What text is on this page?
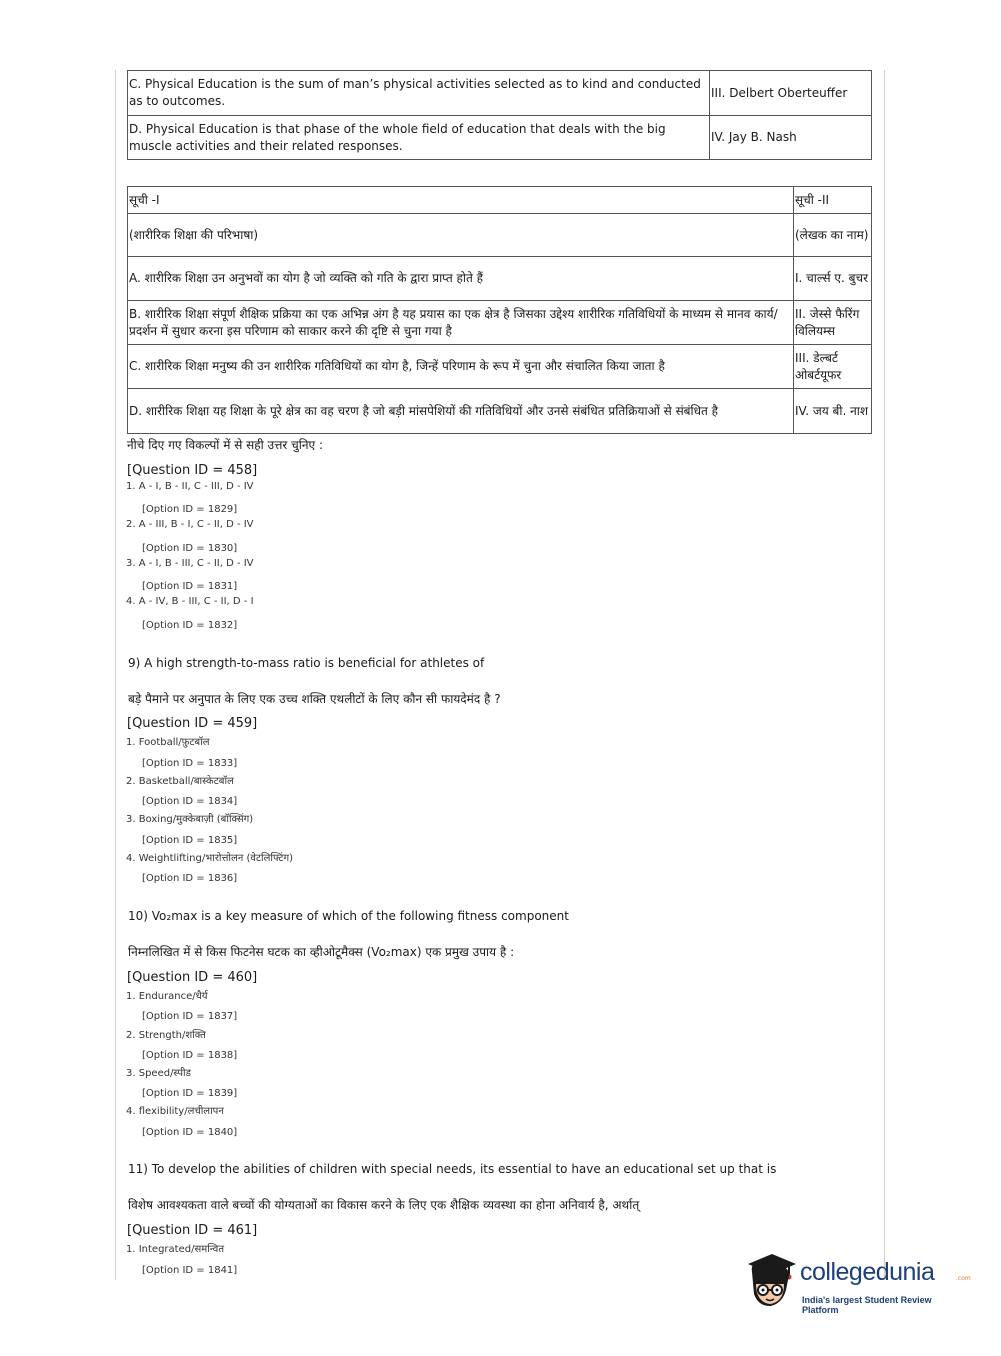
C. Physical Education is the sum of man’s physical activities selected as to kind and conducted as to outcomes.	III. Delbert Oberteuffer
D. Physical Education is that phase of the whole field of education that deals with the big muscle activities and their related responses.	IV. Jay B. Nash
सूची -I	सूची -II
(शारीरिक शिक्षा की परिभाषा)	(लेखक का नाम)
A. शारीरिक शिक्षा उन अनुभवों का योग है जो व्यक्ति को गति के द्वारा प्राप्त होते हैं	I. चार्ल्स ए. बुचर
B. शारीरिक शिक्षा संपूर्ण शैक्षिक प्रक्रिया का एक अभिन्न अंग है यह प्रयास का एक क्षेत्र है जिसका उद्देश्य शारीरिक गतिविधियों के माध्यम से मानव कार्य/प्रदर्शन में सुधार करना इस परिणाम को साकार करने की दृष्टि से चुना गया है	II. जेस्से फैरिंग विलियम्स
C. शारीरिक शिक्षा मनुष्य की उन शारीरिक गतिविधियों का योग है, जिन्हें परिणाम के रूप में चुना और संचालित किया जाता है	III. डेल्बर्ट ओबर्टयूफर
D. शारीरिक शिक्षा यह शिक्षा के पूरे क्षेत्र का वह चरण है जो बड़ी मांसपेशियों की गतिविधियों और उनसे संबंधित प्रतिक्रियाओं से संबंधित है	IV. जय बी. नाश
नीचे दिए गए विकल्पों में से सही उत्तर चुनिए :
[Question ID = 458]
1. A - I, B - II, C - III, D - IV
[Option ID = 1829]
2. A - III, B - I, C - II, D - IV
[Option ID = 1830]
3. A - I, B - III, C - II, D - IV
[Option ID = 1831]
4. A - IV, B - III, C - II, D - I
[Option ID = 1832]
9) A high strength-to-mass ratio is beneficial for athletes of
बड़े पैमाने पर अनुपात के लिए एक उच्च शक्ति एथलीटों के लिए कौन सी फायदेमंद है ?
[Question ID = 459]
1. Football/फ़ुटबॉल
[Option ID = 1833]
2. Basketball/बास्केटबॉल
[Option ID = 1834]
3. Boxing/मुक्केबाज़ी (बॉक्सिंग)
[Option ID = 1835]
4. Weightlifting/भारोत्तोलन (वेटलिफ्टिंग)
[Option ID = 1836]
10) Vo₂max is a key measure of which of the following fitness component
निम्नलिखित में से किस फिटनेस घटक का व्हीओटूमैक्स (Vo₂max) एक प्रमुख उपाय है :
[Question ID = 460]
1. Endurance/धैर्य
[Option ID = 1837]
2. Strength/शक्ति
[Option ID = 1838]
3. Speed/स्पीड
[Option ID = 1839]
4. flexibility/लचीलापन
[Option ID = 1840]
11) To develop the abilities of children with special needs, its essential to have an educational set up that is
विशेष आवश्यकता वाले बच्चों की योग्यताओं का विकास करने के लिए एक शैक्षिक व्यवस्था का होना अनिवार्य है, अर्थात्
[Question ID = 461]
1. Integrated/समन्वित
[Option ID = 1841]	collegedunia	.com
India's largest Student Review Platform
